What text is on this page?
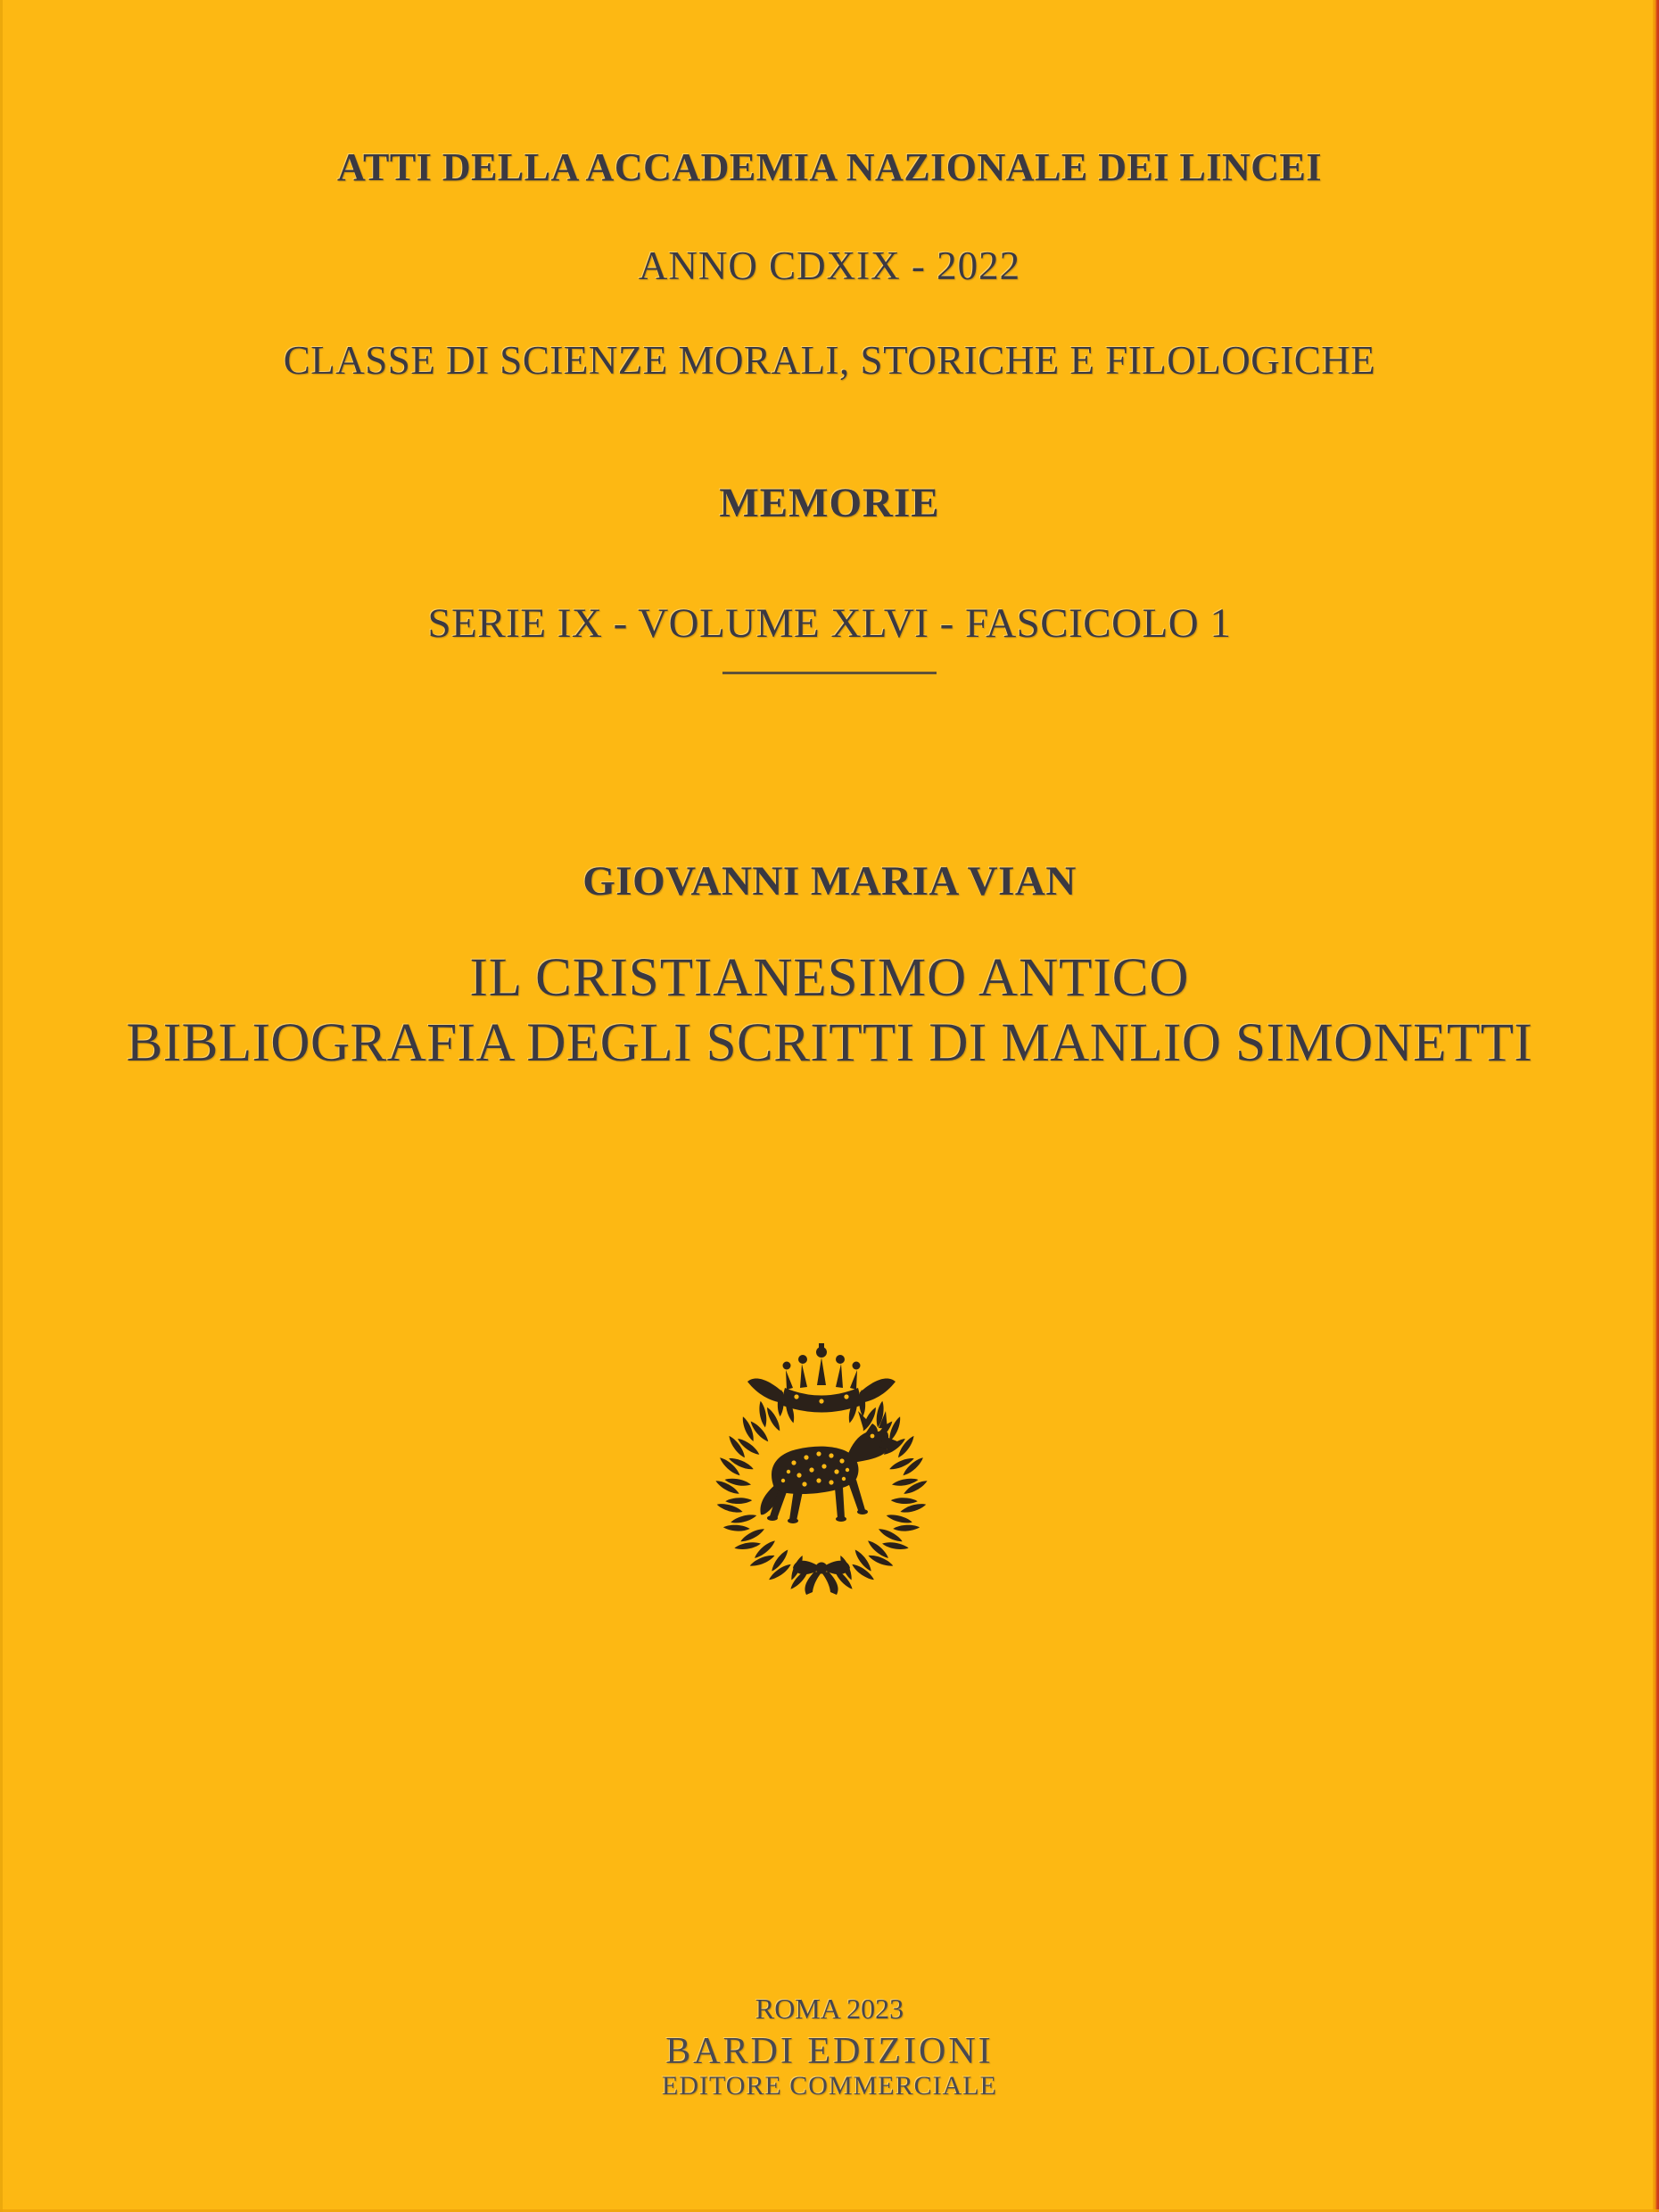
ATTI DELLA ACCADEMIA NAZIONALE DEI LINCEI
ANNO CDXIX - 2022
CLASSE DI SCIENZE MORALI, STORICHE E FILOLOGICHE
MEMORIE
SERIE IX - VOLUME XLVI - FASCICOLO 1
GIOVANNI MARIA VIAN
IL CRISTIANESIMO ANTICO
BIBLIOGRAFIA DEGLI SCRITTI DI MANLIO SIMONETTI
ROMA 2023
BARDI EDIZIONI
EDITORE COMMERCIALE
